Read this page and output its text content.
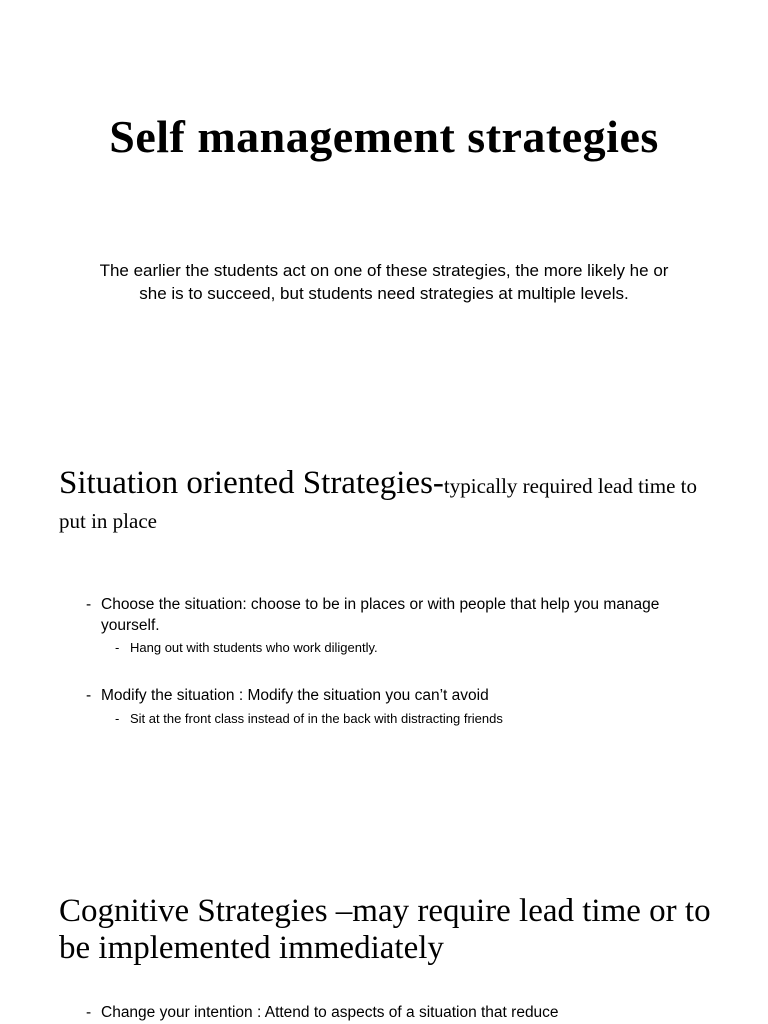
Self management strategies
The earlier the students act on one of these strategies, the more likely he or she is to succeed, but students need strategies at multiple levels.
Situation oriented Strategies-typically required lead time to put in place
- Choose the situation: choose to be in places or with people that help you manage yourself.
- Hang out with students who work diligently.
- Modify the situation : Modify the situation you can’t avoid
- Sit at the front class instead of in the back with distracting friends
Cognitive Strategies –may require lead time or to be implemented immediately
- Change your intention : Attend to aspects of a situation that reduce
